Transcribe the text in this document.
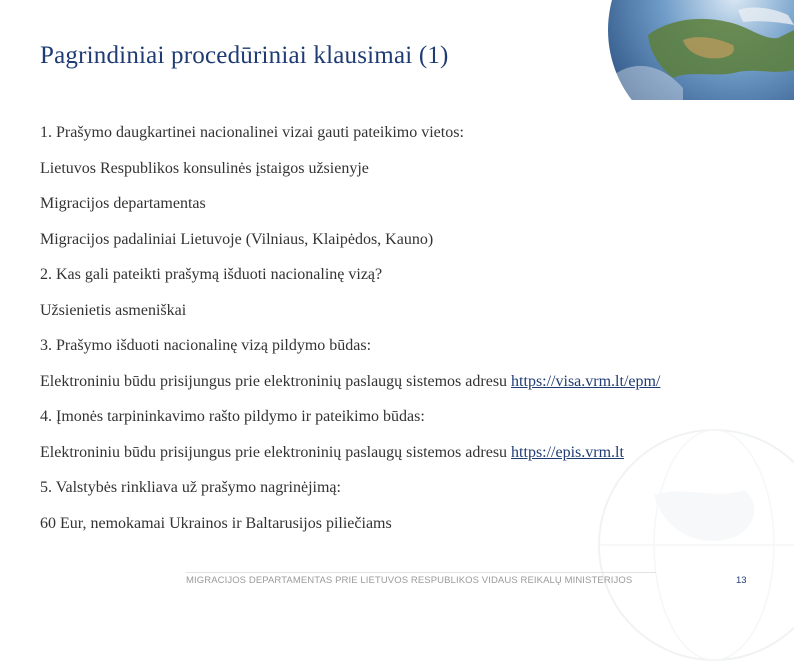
Pagrindiniai procedūriniai klausimai (1)
1. Prašymo daugkartinei nacionalinei vizai gauti pateikimo vietos:
Lietuvos Respublikos konsulinės įstaigos užsienyje
Migracijos departamentas
Migracijos padaliniai Lietuvoje (Vilniaus, Klaipėdos, Kauno)
2. Kas gali pateikti prašymą išduoti nacionalinę vizą?
Užsienietis asmeniškai
3. Prašymo išduoti nacionalinę vizą pildymo būdas:
Elektroniniu būdu prisijungus prie elektroninių paslaugų sistemos adresu https://visa.vrm.lt/epm/
4. Įmonės tarpininkavimo rašto pildymo ir pateikimo būdas:
Elektroniniu būdu prisijungus prie elektroninių paslaugų sistemos adresu https://epis.vrm.lt
5. Valstybės rinkliava už prašymo nagrinėjimą:
60 Eur, nemokamai Ukrainos ir Baltarusijos piliečiams
MIGRACIJOS DEPARTAMENTAS PRIE LIETUVOS RESPUBLIKOS VIDAUS REIKALŲ MINISTERIJOS	13
